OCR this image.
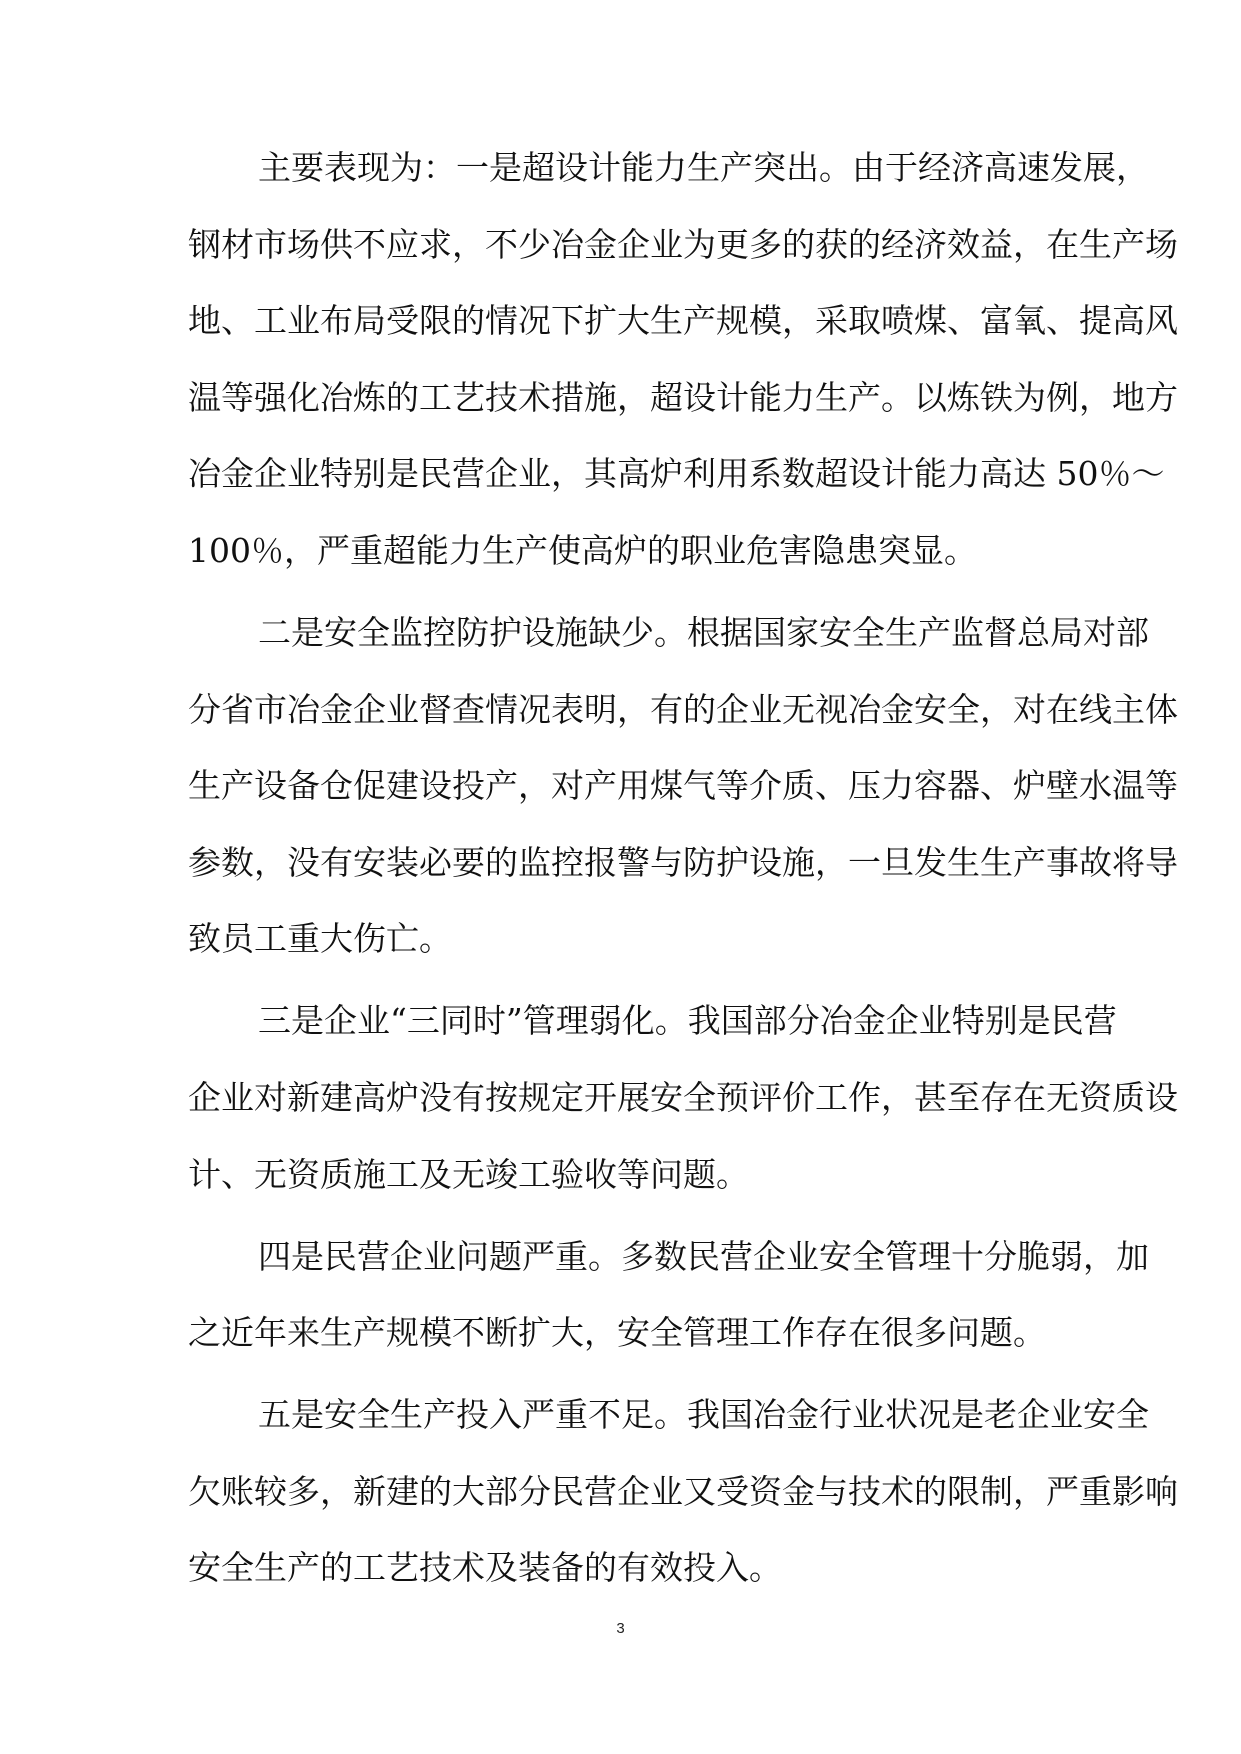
主要表现为：一是超设计能力生产突出。由于经济高速发展，
钢材市场供不应求，不少冶金企业为更多的获的经济效益，在生产场
地、工业布局受限的情况下扩大生产规模，采取喷煤、富氧、提高风
温等强化冶炼的工艺技术措施，超设计能力生产。以炼铁为例，地方
冶金企业特别是民营企业，其高炉利用系数超设计能力高达 50％～
100％，严重超能力生产使高炉的职业危害隐患突显。
二是安全监控防护设施缺少。根据国家安全生产监督总局对部
分省市冶金企业督查情况表明，有的企业无视冶金安全，对在线主体
生产设备仓促建设投产，对产用煤气等介质、压力容器、炉壁水温等
参数，没有安装必要的监控报警与防护设施，一旦发生生产事故将导
致员工重大伤亡。
三是企业“三同时”管理弱化。我国部分冶金企业特别是民营
企业对新建高炉没有按规定开展安全预评价工作，甚至存在无资质设
计、无资质施工及无竣工验收等问题。
四是民营企业问题严重。多数民营企业安全管理十分脆弱，加
之近年来生产规模不断扩大，安全管理工作存在很多问题。
五是安全生产投入严重不足。我国冶金行业状况是老企业安全
欠账较多，新建的大部分民营企业又受资金与技术的限制，严重影响
安全生产的工艺技术及装备的有效投入。
3
